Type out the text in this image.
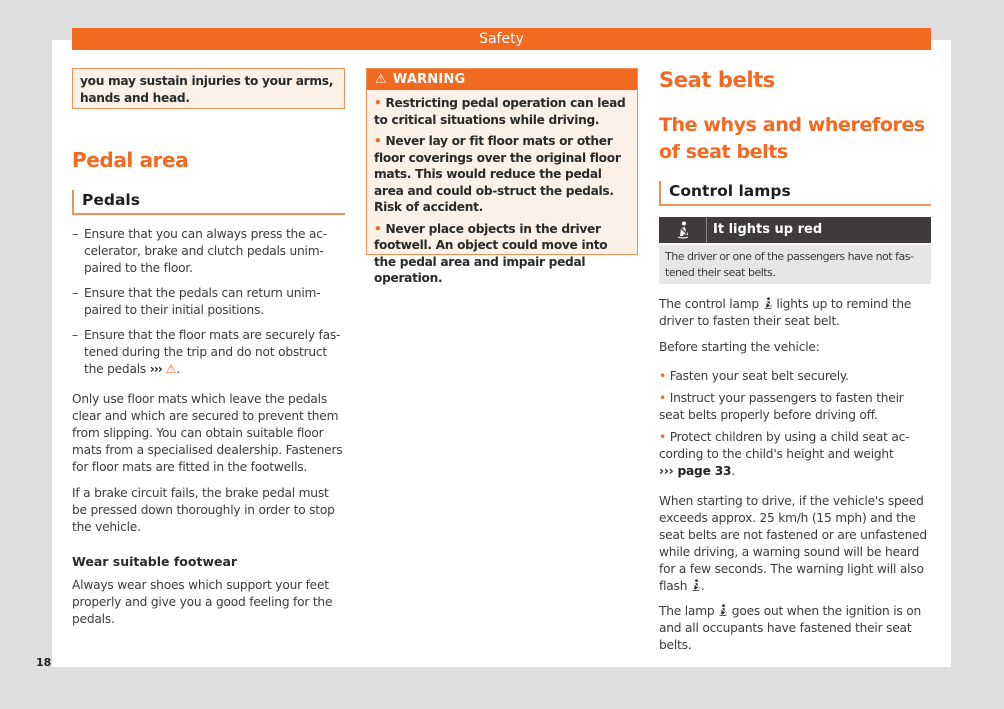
Safety
you may sustain injuries to your arms, hands and head.
Pedal area
Pedals
– Ensure that you can always press the ac-celerator, brake and clutch pedals unim-paired to the floor.
– Ensure that the pedals can return unim-paired to their initial positions.
– Ensure that the floor mats are securely fas-tened during the trip and do not obstruct the pedals ››› ⚠.

Only use floor mats which leave the pedals clear and which are secured to prevent them from slipping. You can obtain suitable floor mats from a specialised dealership. Fasteners for floor mats are fitted in the footwells.

If a brake circuit fails, the brake pedal must be pressed down thoroughly in order to stop the vehicle.

Wear suitable footwear

Always wear shoes which support your feet properly and give you a good feeling for the pedals.

18
⚠ WARNING

• Restricting pedal operation can lead to critical situations while driving.

• Never lay or fit floor mats or other floor coverings over the original floor mats. This would reduce the pedal area and could ob-struct the pedals. Risk of accident.

• Never place objects in the driver footwell. An object could move into the pedal area and impair pedal operation.

Seat belts
The whys and wherefores of seat belts
Control lamps
It lights up red
The driver or one of the passengers have not fas-tened their seat belts.

The control lamp lights up to remind the driver to fasten their seat belt.

Before starting the vehicle:

• Fasten your seat belt securely.

• Instruct your passengers to fasten their seat belts properly before driving off.

• Protect children by using a child seat ac-cording to the child's height and weight
››› page 33.

When starting to drive, if the vehicle's speed exceeds approx. 25 km/h (15 mph) and the seat belts are not fastened or are unfastened while driving, a warning sound will be heard for a few seconds. The warning light will also flash .

The lamp goes out when the ignition is on and all occupants have fastened their seat belts.
